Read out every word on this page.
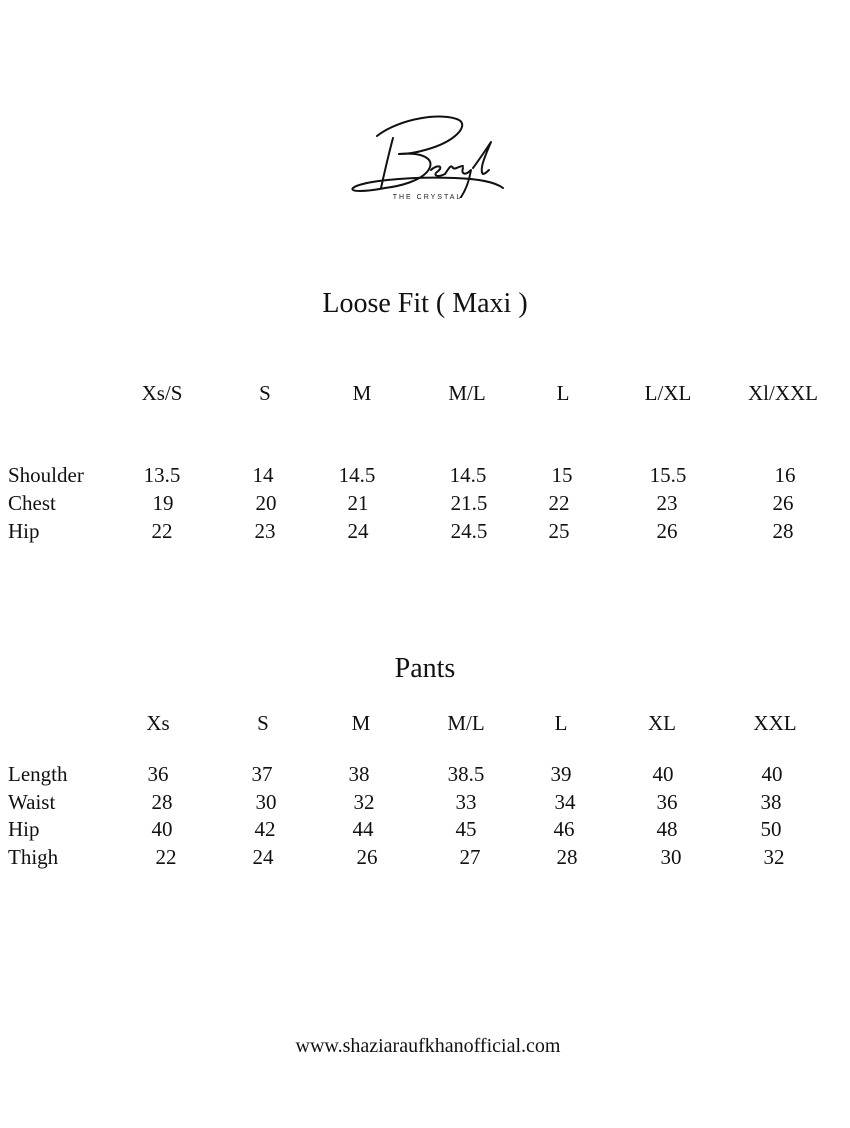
THE CRYSTAL
Loose Fit ( Maxi )
Xs/S	S	M	M/L	L	L/XL	Xl/XXL
Shoulder	13.5	14	14.5	14.5	15	15.5	16
Chest	19	20	21	21.5	22	23	26
Hip	22	23	24	24.5	25	26	28
Pants
Xs	S	M	M/L	L	XL	XXL
Length	36	37	38	38.5	39	40	40
Waist	28	30	32	33	34	36	38
Hip	40	42	44	45	46	48	50
Thigh	22	24	26	27	28	30	32
www.shaziaraufkhanofficial.com
